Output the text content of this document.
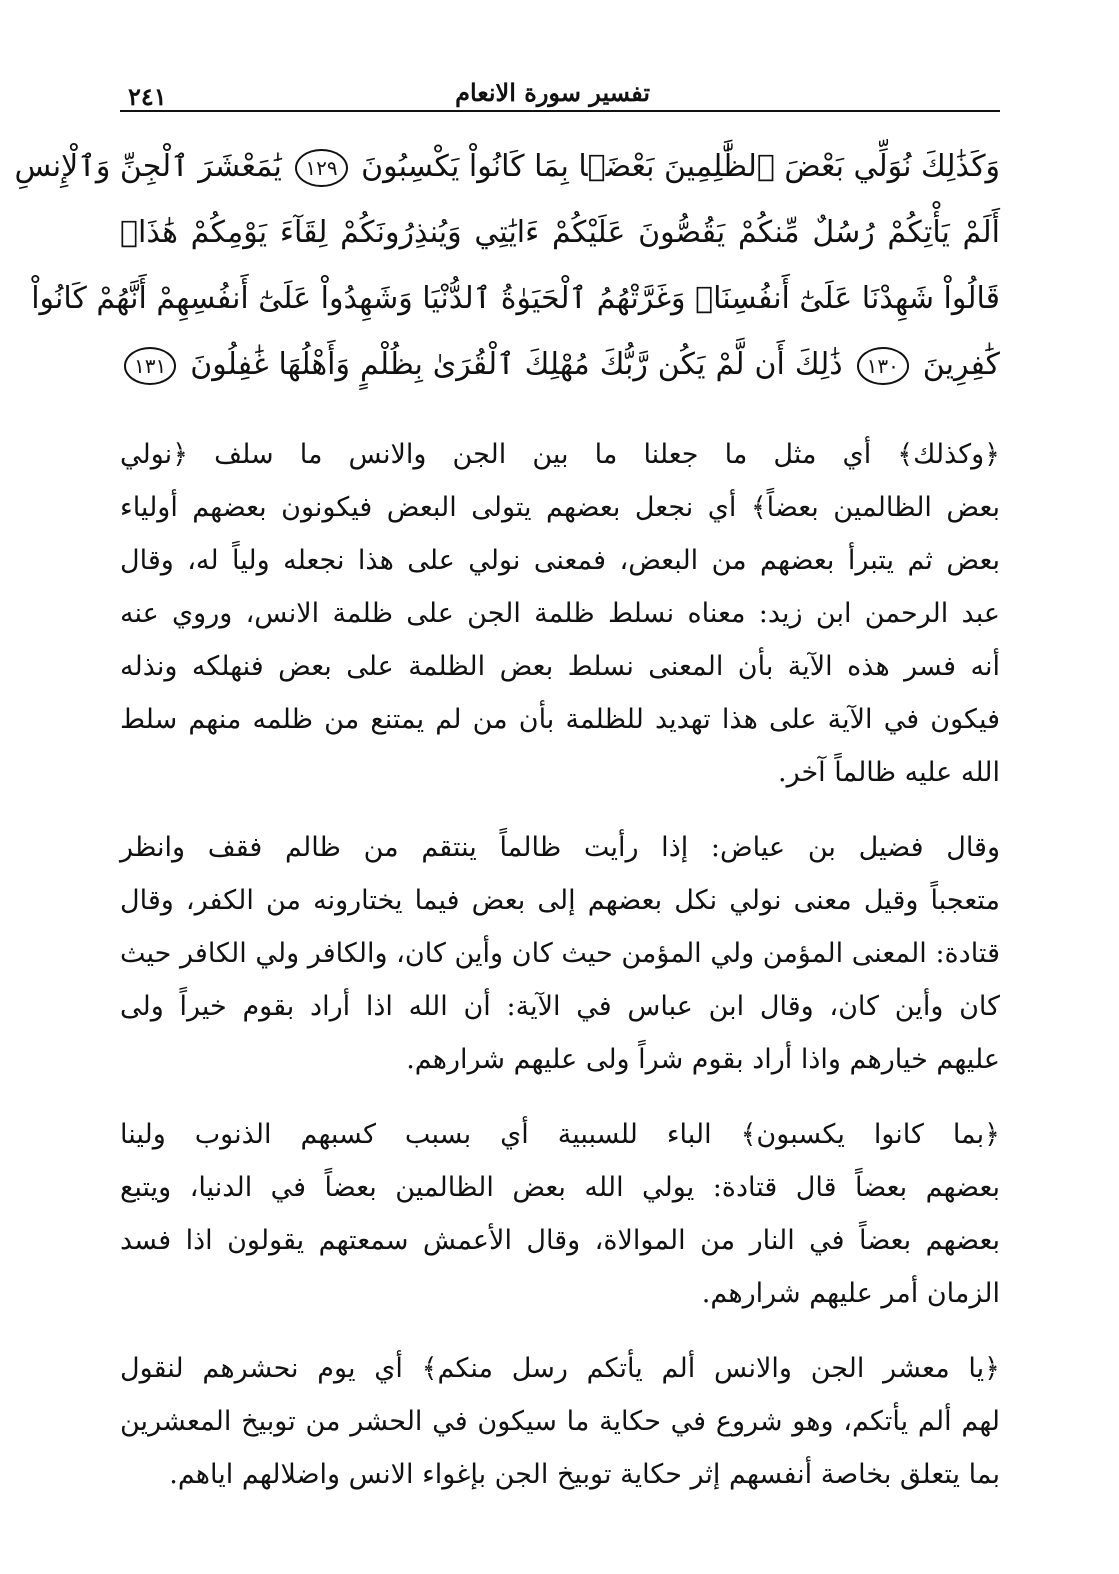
تفسير سورة الانعام
٢٤١
وَكَذَٰلِكَ نُوَلِّي بَعْضَ ٱلظَّٰلِمِينَ بَعْضَۢا بِمَا كَانُواْ يَكْسِبُونَ ١٢٩ يَٰمَعْشَرَ ٱلْجِنِّ وَٱلْإِنسِ
أَلَمْ يَأْتِكُمْ رُسُلٌ مِّنكُمْ يَقُصُّونَ عَلَيْكُمْ ءَايَٰتِي وَيُنذِرُونَكُمْ لِقَآءَ يَوْمِكُمْ هَٰذَاۚ
قَالُواْ شَهِدْنَا عَلَىٰٓ أَنفُسِنَاۖ وَغَرَّتْهُمُ ٱلْحَيَوٰةُ ٱلدُّنْيَا وَشَهِدُواْ عَلَىٰٓ أَنفُسِهِمْ أَنَّهُمْ كَانُواْ
كَٰفِرِينَ ١٣٠ ذَٰلِكَ أَن لَّمْ يَكُن رَّبُّكَ مُهْلِكَ ٱلْقُرَىٰ بِظُلْمٍ وَأَهْلُهَا غَٰفِلُونَ ١٣١
﴿وكذلك﴾ أي مثل ما جعلنا ما بين الجن والانس ما سلف ﴿نولي
بعض الظالمين بعضاً﴾ أي نجعل بعضهم يتولى البعض فيكونون بعضهم أولياء
بعض ثم يتبرأ بعضهم من البعض، فمعنى نولي على هذا نجعله ولياً له، وقال
عبد الرحمن ابن زيد: معناه نسلط ظلمة الجن على ظلمة الانس، وروي عنه
أنه فسر هذه الآية بأن المعنى نسلط بعض الظلمة على بعض فنهلكه ونذله
فيكون في الآية على هذا تهديد للظلمة بأن من لم يمتنع من ظلمه منهم سلط
الله عليه ظالماً آخر.
وقال فضيل بن عياض: إذا رأيت ظالماً ينتقم من ظالم فقف وانظر
متعجباً وقيل معنى نولي نكل بعضهم إلى بعض فيما يختارونه من الكفر، وقال
قتادة: المعنى المؤمن ولي المؤمن حيث كان وأين كان، والكافر ولي الكافر حيث
كان وأين كان، وقال ابن عباس في الآية: أن الله اذا أراد بقوم خيراً ولى
عليهم خيارهم واذا أراد بقوم شراً ولى عليهم شرارهم.
﴿بما كانوا يكسبون﴾ الباء للسببية أي بسبب كسبهم الذنوب ولينا
بعضهم بعضاً قال قتادة: يولي الله بعض الظالمين بعضاً في الدنيا، ويتبع
بعضهم بعضاً في النار من الموالاة، وقال الأعمش سمعتهم يقولون اذا فسد
الزمان أمر عليهم شرارهم.
﴿يا معشر الجن والانس ألم يأتكم رسل منكم﴾ أي يوم نحشرهم لنقول
لهم ألم يأتكم، وهو شروع في حكاية ما سيكون في الحشر من توبيخ المعشرين
بما يتعلق بخاصة أنفسهم إثر حكاية توبيخ الجن بإغواء الانس واضلالهم اياهم.
